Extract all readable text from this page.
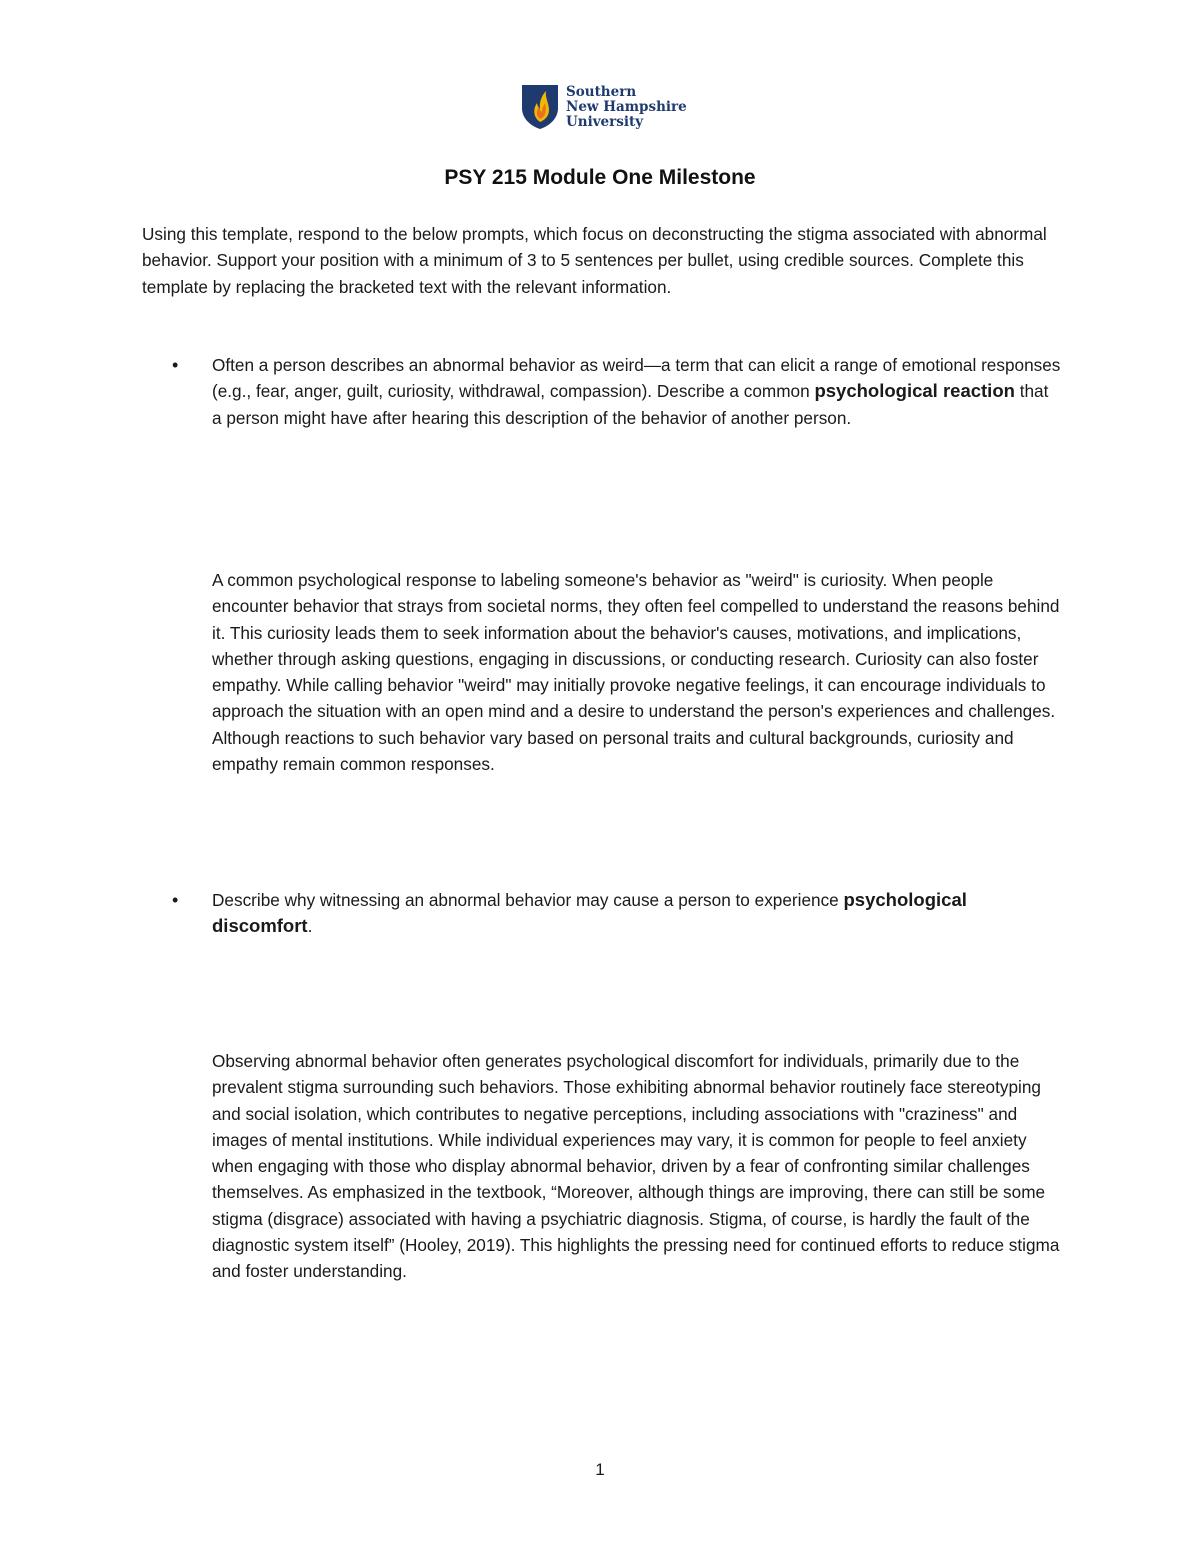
Southern
New Hampshire
University
PSY 215 Module One Milestone
Using this template, respond to the below prompts, which focus on deconstructing the stigma associated with abnormal behavior. Support your position with a minimum of 3 to 5 sentences per bullet, using credible sources. Complete this template by replacing the bracketed text with the relevant information.
• Often a person describes an abnormal behavior as weird—a term that can elicit a range of emotional responses (e.g., fear, anger, guilt, curiosity, withdrawal, compassion). Describe a common psychological reaction that a person might have after hearing this description of the behavior of another person.
A common psychological response to labeling someone's behavior as "weird" is curiosity. When people encounter behavior that strays from societal norms, they often feel compelled to understand the reasons behind it. This curiosity leads them to seek information about the behavior's causes, motivations, and implications, whether through asking questions, engaging in discussions, or conducting research. Curiosity can also foster empathy. While calling behavior "weird" may initially provoke negative feelings, it can encourage individuals to approach the situation with an open mind and a desire to understand the person's experiences and challenges. Although reactions to such behavior vary based on personal traits and cultural backgrounds, curiosity and empathy remain common responses.
• Describe why witnessing an abnormal behavior may cause a person to experience psychological discomfort.
Observing abnormal behavior often generates psychological discomfort for individuals, primarily due to the prevalent stigma surrounding such behaviors. Those exhibiting abnormal behavior routinely face stereotyping and social isolation, which contributes to negative perceptions, including associations with "craziness" and images of mental institutions. While individual experiences may vary, it is common for people to feel anxiety when engaging with those who display abnormal behavior, driven by a fear of confronting similar challenges themselves. As emphasized in the textbook, “Moreover, although things are improving, there can still be some stigma (disgrace) associated with having a psychiatric diagnosis. Stigma, of course, is hardly the fault of the diagnostic system itself” (Hooley, 2019). This highlights the pressing need for continued efforts to reduce stigma and foster understanding.
1
